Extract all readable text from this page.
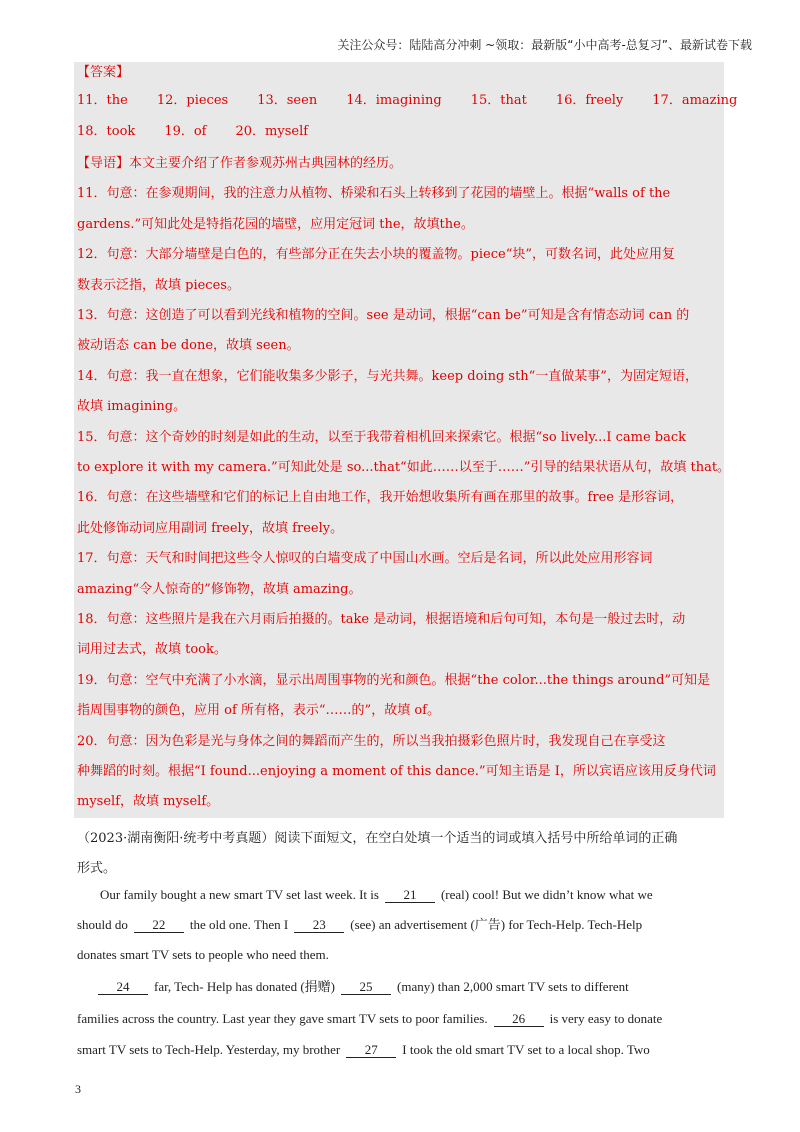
关注公众号：陆陆高分冲刺 ~领取：最新版“小中高考-总复习”、最新试卷下载
【答案】
11．the 12．pieces 13．seen 14．imagining 15．that 16．freely 17．amazing
18．took 19．of 20．myself
【导语】本文主要介绍了作者参观苏州古典园林的经历。
11．句意：在参观期间，我的注意力从植物、桥梁和石头上转移到了花园的墙壁上。根据“walls of the
gardens.”可知此处是特指花园的墙壁，应用定冠词 the，故填the。
12．句意：大部分墙壁是白色的，有些部分正在失去小块的覆盖物。piece“块”，可数名词，此处应用复
数表示泛指，故填 pieces。
13．句意：这创造了可以看到光线和植物的空间。see 是动词，根据“can be”可知是含有情态动词 can 的
被动语态 can be done，故填 seen。
14．句意：我一直在想象，它们能收集多少影子，与光共舞。keep doing sth“一直做某事”，为固定短语，
故填 imagining。
15．句意：这个奇妙的时刻是如此的生动，以至于我带着相机回来探索它。根据“so lively...I came back
to explore it with my camera.”可知此处是 so...that“如此……以至于……”引导的结果状语从句，故填 that。
16．句意：在这些墙壁和它们的标记上自由地工作，我开始想收集所有画在那里的故事。free 是形容词，
此处修饰动词应用副词 freely，故填 freely。
17．句意：天气和时间把这些令人惊叹的白墙变成了中国山水画。空后是名词，所以此处应用形容词
amazing“令人惊奇的”修饰物，故填 amazing。
18．句意：这些照片是我在六月雨后拍摄的。take 是动词，根据语境和后句可知，本句是一般过去时，动
词用过去式，故填 took。
19．句意：空气中充满了小水滴，显示出周围事物的光和颜色。根据“the color...the things around”可知是
指周围事物的颜色，应用 of 所有格，表示“……的”，故填 of。
20．句意：因为色彩是光与身体之间的舞蹈而产生的，所以当我拍摄彩色照片时，我发现自己在享受这
种舞蹈的时刻。根据“I found...enjoying a moment of this dance.”可知主语是 I，所以宾语应该用反身代词
myself，故填 myself。
（2023·湖南衡阳·统考中考真题）阅读下面短文，在空白处填一个适当的词或填入括号中所给单词的正确
形式。
Our family bought a new smart TV set last week. It is 21 (real) cool! But we didn’t know what we
should do 22 the old one. Then I 23 (see) an advertisement (广告) for Tech-Help. Tech-Help
donates smart TV sets to people who need them.
24 far, Tech- Help has donated (捐赠) 25 (many) than 2,000 smart TV sets to different
families across the country. Last year they gave smart TV sets to poor families. 26 is very easy to donate
smart TV sets to Tech-Help. Yesterday, my brother 27 I took the old smart TV set to a local shop. Two
3
